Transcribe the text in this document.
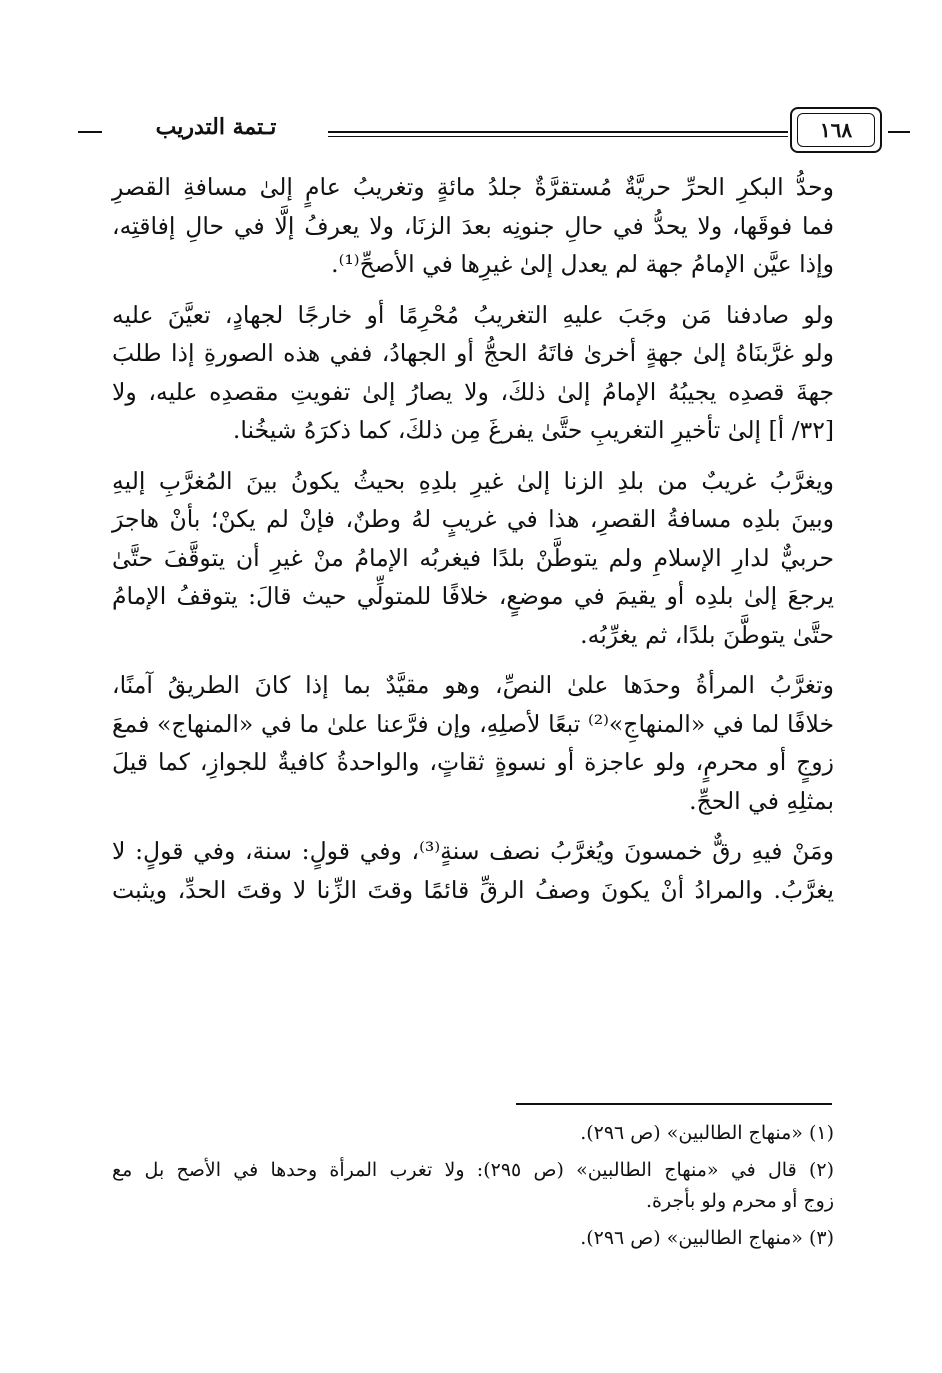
تـتمة التدريب	١٦٨
وحدُّ البكرِ الحرِّ حريَّةٌ مُستقرَّةٌ جلدُ مائةٍ وتغريبُ عامٍ إلىٰ مسافةِ القصرِ
فما فوقَها، ولا يحدُّ في حالِ جنونِه بعدَ الزنَا، ولا يعرفُ إلَّا في حالِ إفاقتِه،
وإذا عيَّن الإمامُ جهة لم يعدل إلىٰ غيرِها في الأصحِّ⁽¹⁾.
ولو صادفنا مَن وجَبَ عليهِ التغريبُ مُحْرِمًا أو خارجًا لجهادٍ، تعيَّنَ عليه
ولو غرَّبنَاهُ إلىٰ جهةٍ أخرىٰ فاتَهُ الحجُّ أو الجهادُ، ففي هذه الصورةِ إذا طلبَ
جهةَ قصدِه يجيبُهُ الإمامُ إلىٰ ذلكَ، ولا يصارُ إلىٰ تفويتِ مقصدِه عليه، ولا
[٣٢/ أ] إلىٰ تأخيرِ التغريبِ حتَّىٰ يفرغَ مِن ذلكَ، كما ذكرَهُ شيخُنا.
ويغرَّبُ غريبٌ من بلدِ الزنا إلىٰ غيرِ بلدِهِ بحيثُ يكونُ بينَ المُغرَّبِ إليهِ
وبينَ بلدِه مسافةُ القصرِ، هذا في غريبٍ لهُ وطنٌ، فإنْ لم يكنْ؛ بأنْ هاجرَ
حربيٌّ لدارِ الإسلامِ ولم يتوطَّنْ بلدًا فيغربُه الإمامُ منْ غيرِ أن يتوقَّفَ حتَّىٰ
يرجعَ إلىٰ بلدِه أو يقيمَ في موضعٍ، خلافًا للمتولِّي حيث قالَ: يتوقفُ الإمامُ
حتَّىٰ يتوطَّنَ بلدًا، ثم يغرِّبُه.
وتغرَّبُ المرأةُ وحدَها علىٰ النصِّ، وهو مقيَّدٌ بما إذا كانَ الطريقُ آمنًا،
خلافًا لما في «المنهاجِ»⁽²⁾ تبعًا لأصلِهِ، وإن فرَّعنا علىٰ ما في «المنهاج» فمعَ
زوجٍ أو محرمٍ، ولو عاجزة أو نسوةٍ ثقاتٍ، والواحدةُ كافيةٌ للجوازِ، كما قيلَ
بمثلِهِ في الحجِّ.
ومَنْ فيهِ رقٌّ خمسونَ ويُغرَّبُ نصف سنةٍ⁽³⁾، وفي قولٍ: سنة، وفي قولٍ: لا
يغرَّبُ. والمرادُ أنْ يكونَ وصفُ الرقِّ قائمًا وقتَ الزِّنا لا وقتَ الحدِّ، ويثبت
(١) «منهاج الطالبين» (ص ٢٩٦).
(٢) قال في «منهاج الطالبين» (ص ٢٩٥): ولا تغرب المرأة وحدها في الأصح بل مع
زوج أو محرم ولو بأجرة.
(٣) «منهاج الطالبين» (ص ٢٩٦).
